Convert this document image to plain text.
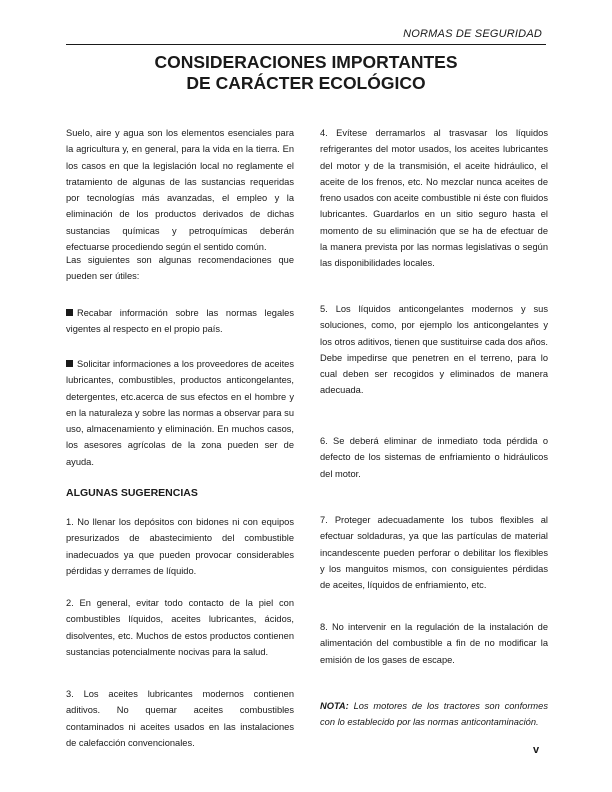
NORMAS DE SEGURIDAD
CONSIDERACIONES IMPORTANTES
DE CARÁCTER ECOLÓGICO

Suelo, aire y agua son los elementos esenciales para la agricultura y, en general, para la vida en la tierra. En los casos en que la legislación local no reglamente el tratamiento de algunas de las sustancias requeridas por tecnologías más avanzadas, el empleo y la eliminación de los productos derivados de dichas sustancias químicas y petroquímicas deberán efectuarse procediendo según el sentido común.

Las siguientes son algunas recomendaciones que pueden ser útiles:

Recabar información sobre las normas legales vigentes al respecto en el propio país.

Solicitar informaciones a los proveedores de aceites lubricantes, combustibles, productos anticongelantes, detergentes, etc.acerca de sus efectos en el hombre y en la naturaleza y sobre las normas a observar para su uso, almacenamiento y eliminación. En muchos casos, los asesores agrícolas de la zona pueden ser de ayuda.

ALGUNAS SUGERENCIAS

1. No llenar los depósitos con bidones ni con equipos presurizados de abastecimiento del combustible inadecuados ya que pueden provocar considerables pérdidas y derrames de líquido.

2. En general, evitar todo contacto de la piel con combustibles líquidos, aceites lubricantes, ácidos, disolventes, etc. Muchos de estos productos contienen sustancias potencialmente nocivas para la salud.

3. Los aceites lubricantes modernos contienen aditivos. No quemar aceites combustibles contaminados ni aceites usados en las instalaciones de calefacción convencionales.

4. Evítese derramarlos al trasvasar los líquidos refrigerantes del motor usados, los aceites lubricantes del motor y de la transmisión, el aceite hidráulico, el aceite de los frenos, etc. No mezclar nunca aceites de freno usados con aceite combustible ni éste con fluidos lubricantes. Guardarlos en un sitio seguro hasta el momento de su eliminación que se ha de efectuar de la manera prevista por las normas legislativas o según las disponibilidades locales.

5. Los líquidos anticongelantes modernos y sus soluciones, como, por ejemplo los anticongelantes y los otros aditivos, tienen que sustituirse cada dos años. Debe impedirse que penetren en el terreno, para lo cual deben ser recogidos y eliminados de manera adecuada.

6. Se deberá eliminar de inmediato toda pérdida o defecto de los sistemas de enfriamiento o hidráulicos del motor.

7. Proteger adecuadamente los tubos flexibles al efectuar soldaduras, ya que las partículas de material incandescente pueden perforar o debilitar los flexibles y los manguitos mismos, con consiguientes pérdidas de aceites, líquidos de enfriamiento, etc.

8. No intervenir en la regulación de la instalación de alimentación del combustible a fin de no modificar la emisión de los gases de escape.

NOTA: Los motores de los tractores son conformes con lo establecido por las normas anticontaminación.

v
